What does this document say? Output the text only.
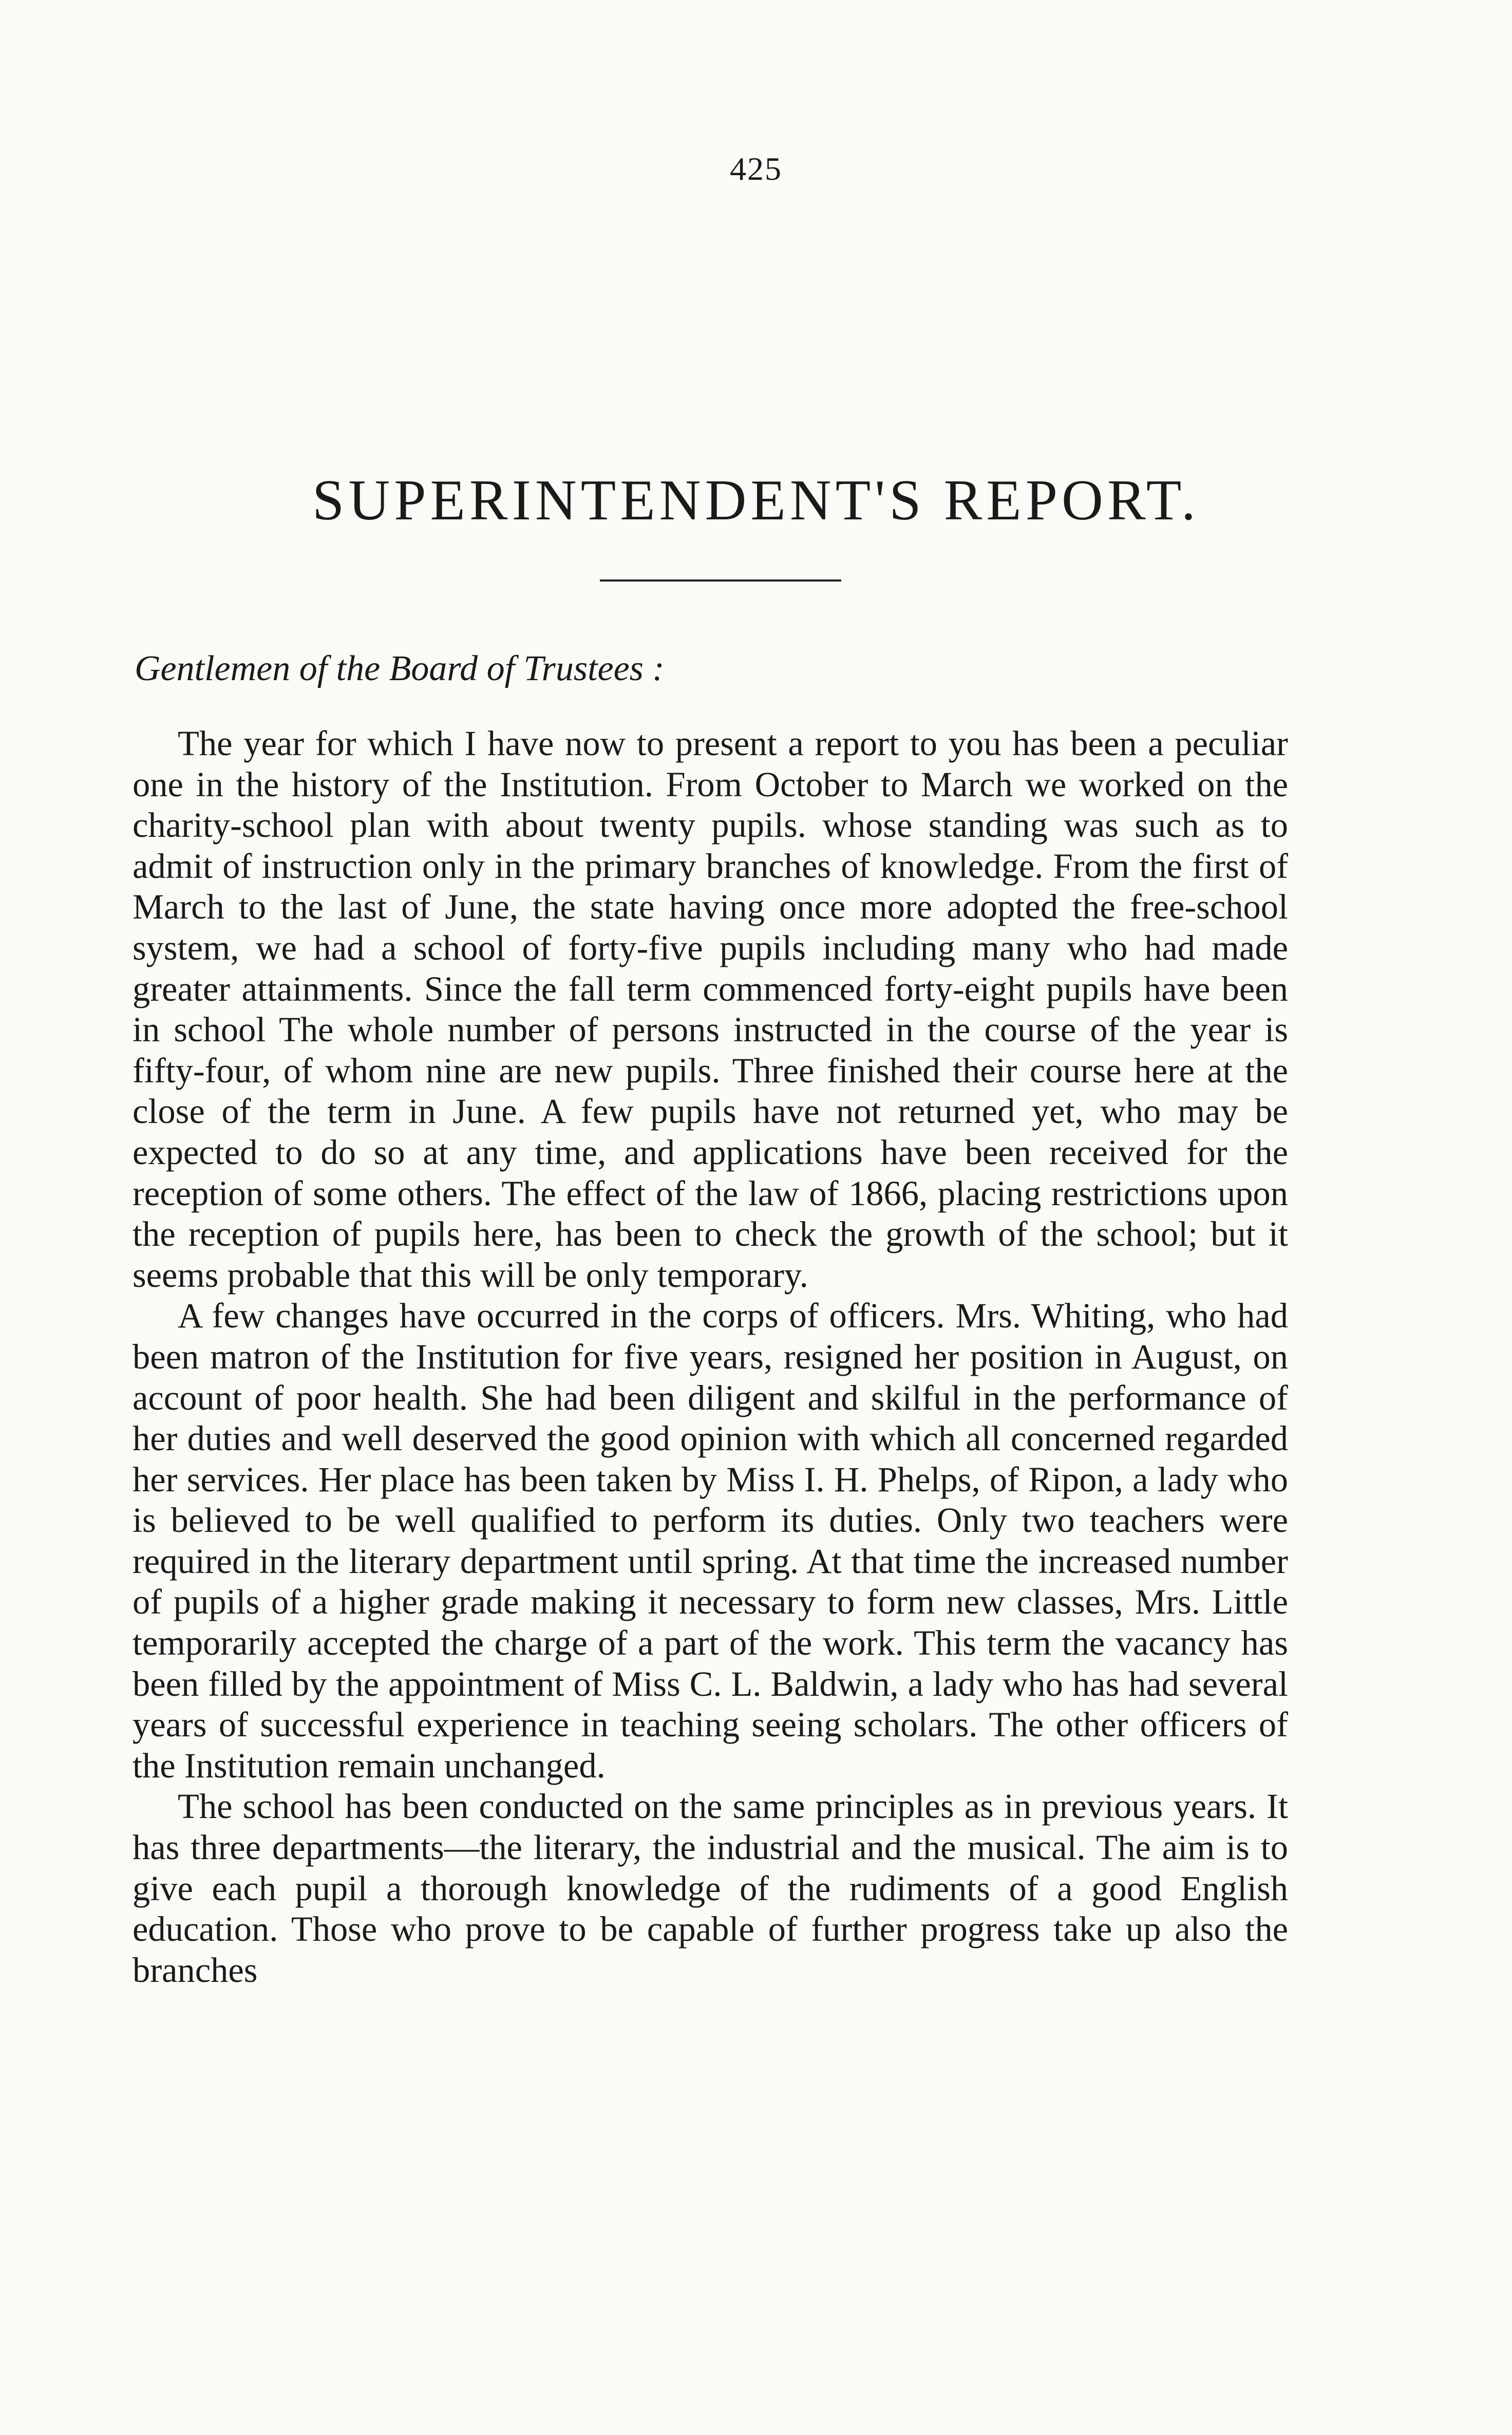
425
SUPERINTENDENT'S REPORT.
Gentlemen of the Board of Trustees :

The year for which I have now to present a report to you has been a peculiar one in the history of the Institution. From October to March we worked on the charity-school plan with about twenty pupils. whose standing was such as to admit of instruction only in the primary branches of knowledge. From the first of March to the last of June, the state having once more adopted the free-school system, we had a school of forty-five pupils including many who had made greater attainments. Since the fall term commenced forty-eight pupils have been in school The whole number of persons instructed in the course of the year is fifty-four, of whom nine are new pupils. Three finished their course here at the close of the term in June. A few pupils have not returned yet, who may be expected to do so at any time, and applications have been received for the reception of some others. The effect of the law of 1866, placing restrictions upon the reception of pupils here, has been to check the growth of the school; but it seems probable that this will be only temporary.

A few changes have occurred in the corps of officers. Mrs. Whiting, who had been matron of the Institution for five years, resigned her position in August, on account of poor health. She had been diligent and skilful in the performance of her duties and well deserved the good opinion with which all concerned regarded her services. Her place has been taken by Miss I. H. Phelps, of Ripon, a lady who is believed to be well qualified to perform its duties. Only two teachers were required in the literary department until spring. At that time the increased number of pupils of a higher grade making it necessary to form new classes, Mrs. Little temporarily accepted the charge of a part of the work. This term the vacancy has been filled by the appointment of Miss C. L. Baldwin, a lady who has had several years of successful experience in teaching seeing scholars. The other officers of the Institution remain unchanged.

The school has been conducted on the same principles as in previous years. It has three departments—the literary, the industrial and the musical. The aim is to give each pupil a thorough knowledge of the rudiments of a good English education. Those who prove to be capable of further progress take up also the branches
